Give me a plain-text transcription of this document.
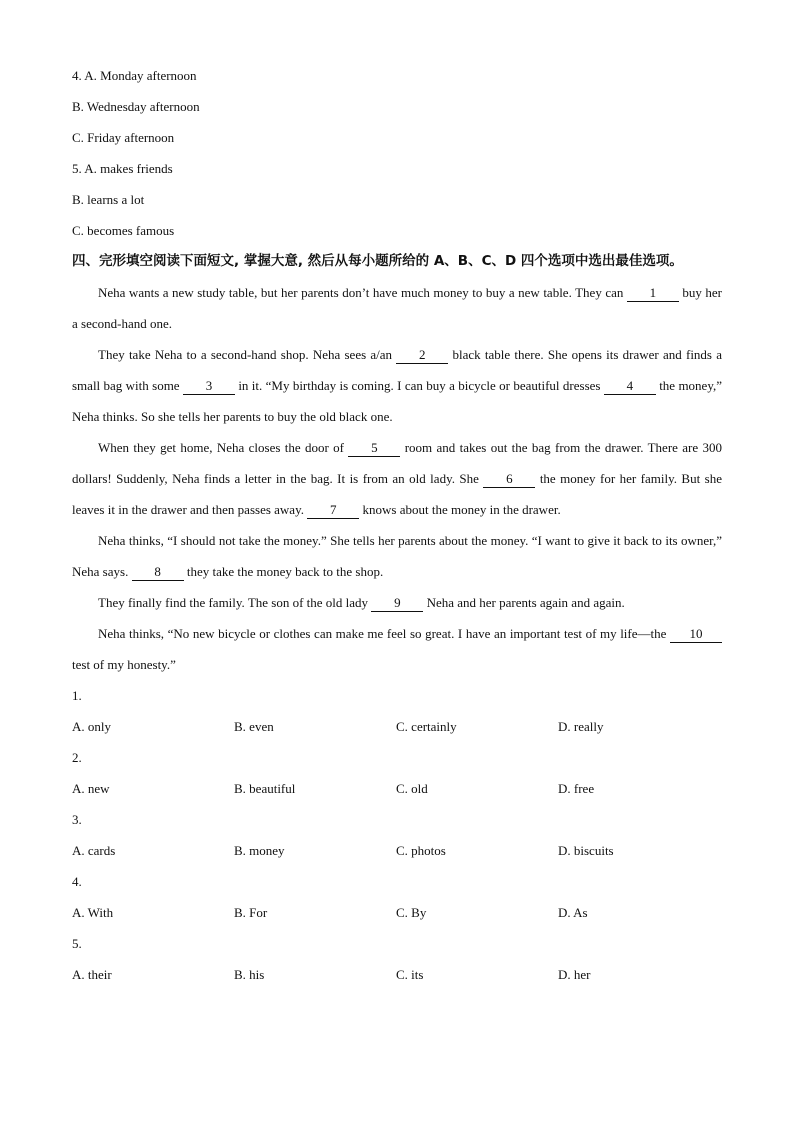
4. A. Monday afternoon
B. Wednesday afternoon
C. Friday afternoon
5. A. makes friends
B. learns a lot
C. becomes famous
四、完形填空阅读下面短文, 掌握大意, 然后从每小题所给的 A、B、C、D 四个选项中选出最佳选项。
Neha wants a new study table, but her parents don’t have much money to buy a new table. They can 1 buy her a second-hand one.
They take Neha to a second-hand shop. Neha sees a/an 2 black table there. She opens its drawer and finds a small bag with some 3 in it. “My birthday is coming. I can buy a bicycle or beautiful dresses 4 the money,” Neha thinks. So she tells her parents to buy the old black one.
When they get home, Neha closes the door of 5 room and takes out the bag from the drawer. There are 300 dollars! Suddenly, Neha finds a letter in the bag. It is from an old lady. She 6 the money for her family. But she leaves it in the drawer and then passes away. 7 knows about the money in the drawer.
Neha thinks, “I should not take the money.” She tells her parents about the money. “I want to give it back to its owner,” Neha says. 8 they take the money back to the shop.
They finally find the family. The son of the old lady 9 Neha and her parents again and again.
Neha thinks, “No new bicycle or clothes can make me feel so great. I have an important test of my life—the 10 test of my honesty.”
1.
A. only	B. even	C. certainly	D. really
2.
A. new	B. beautiful	C. old	D. free
3.
A. cards	B. money	C. photos	D. biscuits
4.
A. With	B. For	C. By	D. As
5.
A. their	B. his	C. its	D. her
